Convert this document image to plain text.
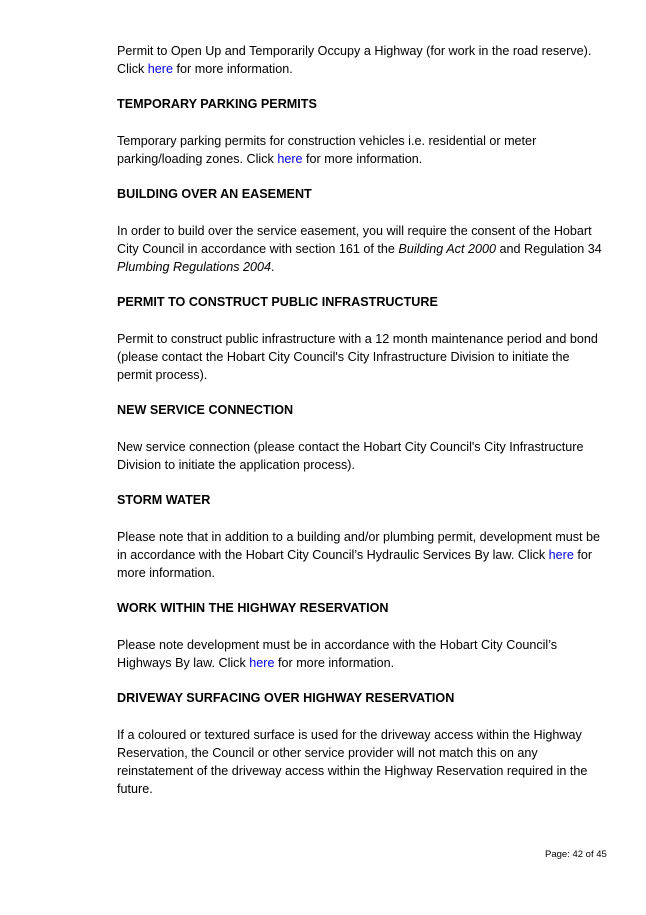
Permit to Open Up and Temporarily Occupy a Highway (for work in the road reserve). Click here for more information.

TEMPORARY PARKING PERMITS

Temporary parking permits for construction vehicles i.e. residential or meter parking/loading zones. Click here for more information.

BUILDING OVER AN EASEMENT

In order to build over the service easement, you will require the consent of the Hobart City Council in accordance with section 161 of the Building Act 2000 and Regulation 34 Plumbing Regulations 2004.

PERMIT TO CONSTRUCT PUBLIC INFRASTRUCTURE

Permit to construct public infrastructure with a 12 month maintenance period and bond (please contact the Hobart City Council's City Infrastructure Division to initiate the permit process).

NEW SERVICE CONNECTION

New service connection (please contact the Hobart City Council's City Infrastructure Division to initiate the application process).

STORM WATER

Please note that in addition to a building and/or plumbing permit, development must be in accordance with the Hobart City Council’s Hydraulic Services By law. Click here for more information.

WORK WITHIN THE HIGHWAY RESERVATION

Please note development must be in accordance with the Hobart City Council’s Highways By law. Click here for more information.

DRIVEWAY SURFACING OVER HIGHWAY RESERVATION

If a coloured or textured surface is used for the driveway access within the Highway Reservation, the Council or other service provider will not match this on any reinstatement of the driveway access within the Highway Reservation required in the future.

Page: 42 of 45
